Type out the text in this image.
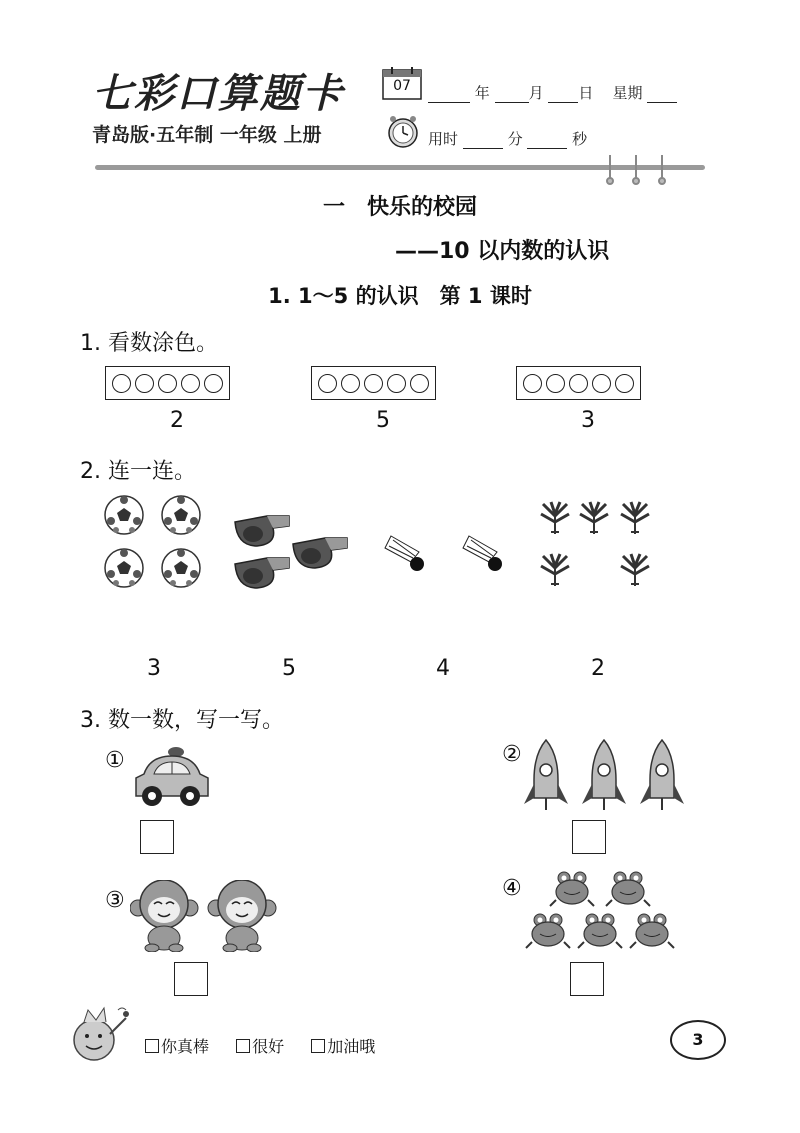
七彩口算题卡	07	年	月 日 星期
青岛版·五年制 一年级 上册	用时	分	秒
一　快乐的校园
——10 以内数的认识
1. 1～5 的认识　第 1 课时
1. 看数涂色。
2	5	3
2. 连一连。
3	5	4	2
3. 数一数，写一写。
①	②
③	④
你真棒	很好	加油哦	3
